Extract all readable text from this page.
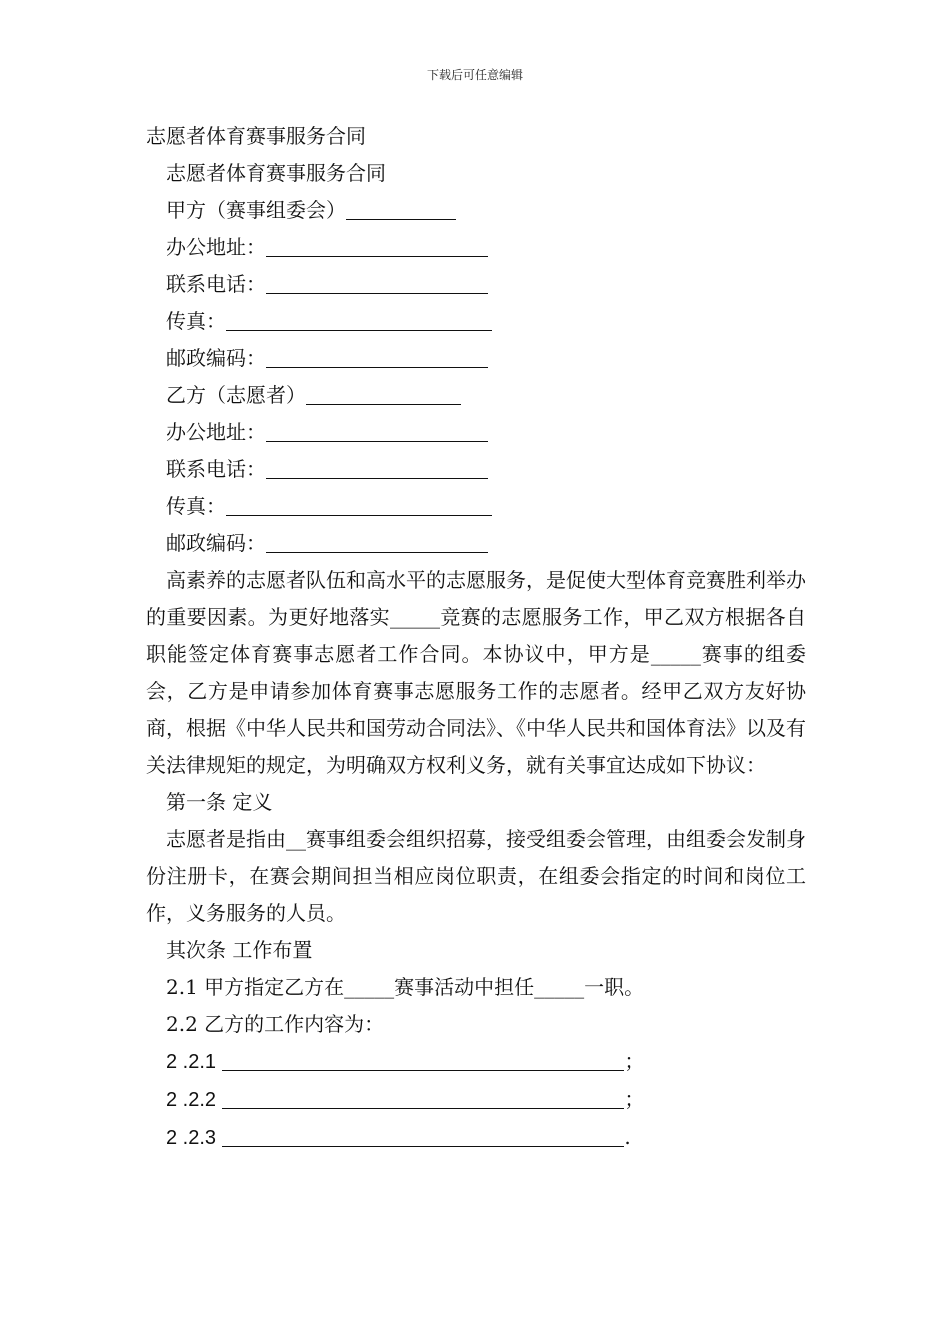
下载后可任意编辑
志愿者体育赛事服务合同
志愿者体育赛事服务合同
甲方（赛事组委会）
办公地址：
联系电话：
传真：
邮政编码：
乙方（志愿者）
办公地址：
联系电话：
传真：
邮政编码：
高素养的志愿者队伍和高水平的志愿服务，是促使大型体育竞赛胜利举办的重要因素。为更好地落实_____竞赛的志愿服务工作，甲乙双方根据各自职能签定体育赛事志愿者工作合同。本协议中，甲方是_____赛事的组委会，乙方是申请参加体育赛事志愿服务工作的志愿者。经甲乙双方友好协商，根据《中华人民共和国劳动合同法》、《中华人民共和国体育法》以及有关法律规矩的规定，为明确双方权利义务，就有关事宜达成如下协议：
第一条 定义
志愿者是指由__赛事组委会组织招募，接受组委会管理，由组委会发制身份注册卡，在赛会期间担当相应岗位职责，在组委会指定的时间和岗位工作，义务服务的人员。
其次条 工作布置
2.1 甲方指定乙方在_____赛事活动中担任_____一职。
2.2 乙方的工作内容为：
2 .2.1	；
2 .2.2	；
2 .2.3	.
